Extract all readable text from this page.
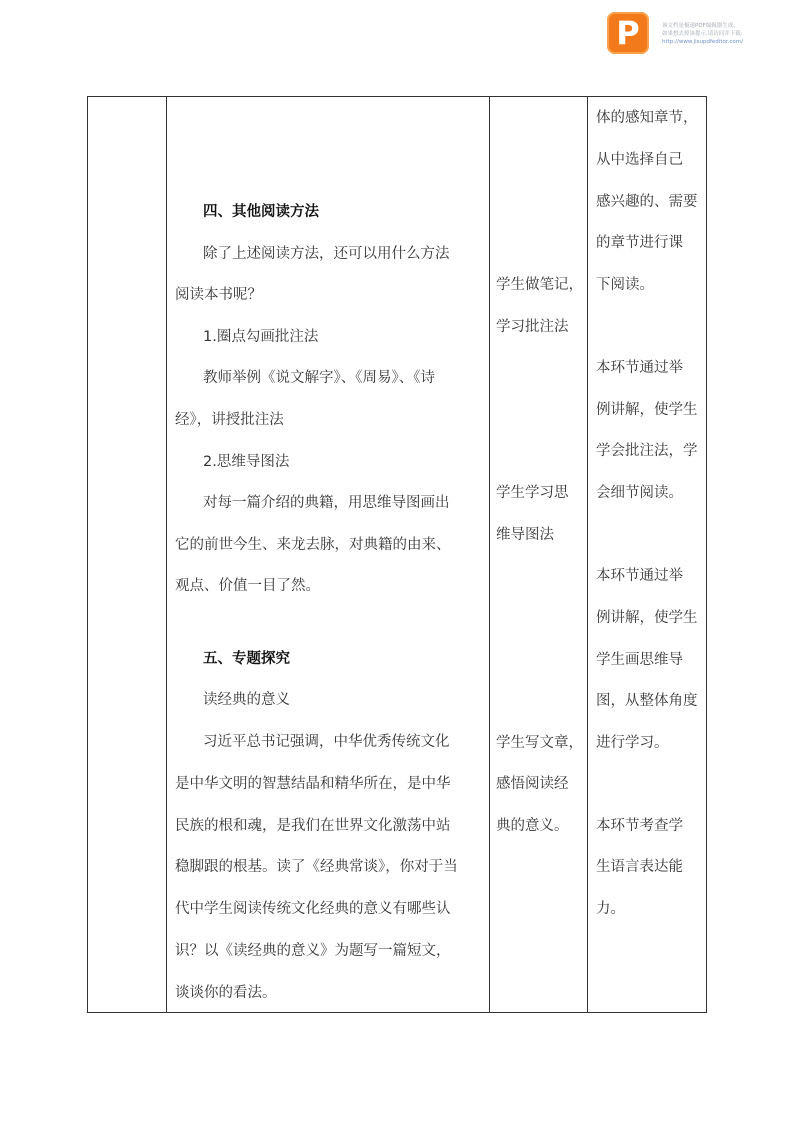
P	该文档是极速PDF编辑器生成,
如果想去掉该提示,请访问并下载:
http://www.jisupdfeditor.com/
四、其他阅读方法
除了上述阅读方法，还可以用什么方法
阅读本书呢？
1.圈点勾画批注法
教师举例《说文解字》、《周易》、《诗
经》，讲授批注法
2.思维导图法
对每一篇介绍的典籍，用思维导图画出
它的前世今生、来龙去脉，对典籍的由来、
观点、价值一目了然。
五、专题探究
读经典的意义
习近平总书记强调，中华优秀传统文化
是中华文明的智慧结晶和精华所在，是中华
民族的根和魂，是我们在世界文化激荡中站
稳脚跟的根基。读了《经典常谈》，你对于当
代中学生阅读传统文化经典的意义有哪些认
识？以《读经典的意义》为题写一篇短文，
谈谈你的看法。
学生做笔记，
学习批注法
学生学习思
维导图法
学生写文章，
感悟阅读经
典的意义。
体的感知章节，
从中选择自己
感兴趣的、需要
的章节进行课
下阅读。
本环节通过举
例讲解，使学生
学会批注法，学
会细节阅读。
本环节通过举
例讲解，使学生
学生画思维导
图，从整体角度
进行学习。
本环节考查学
生语言表达能
力。
